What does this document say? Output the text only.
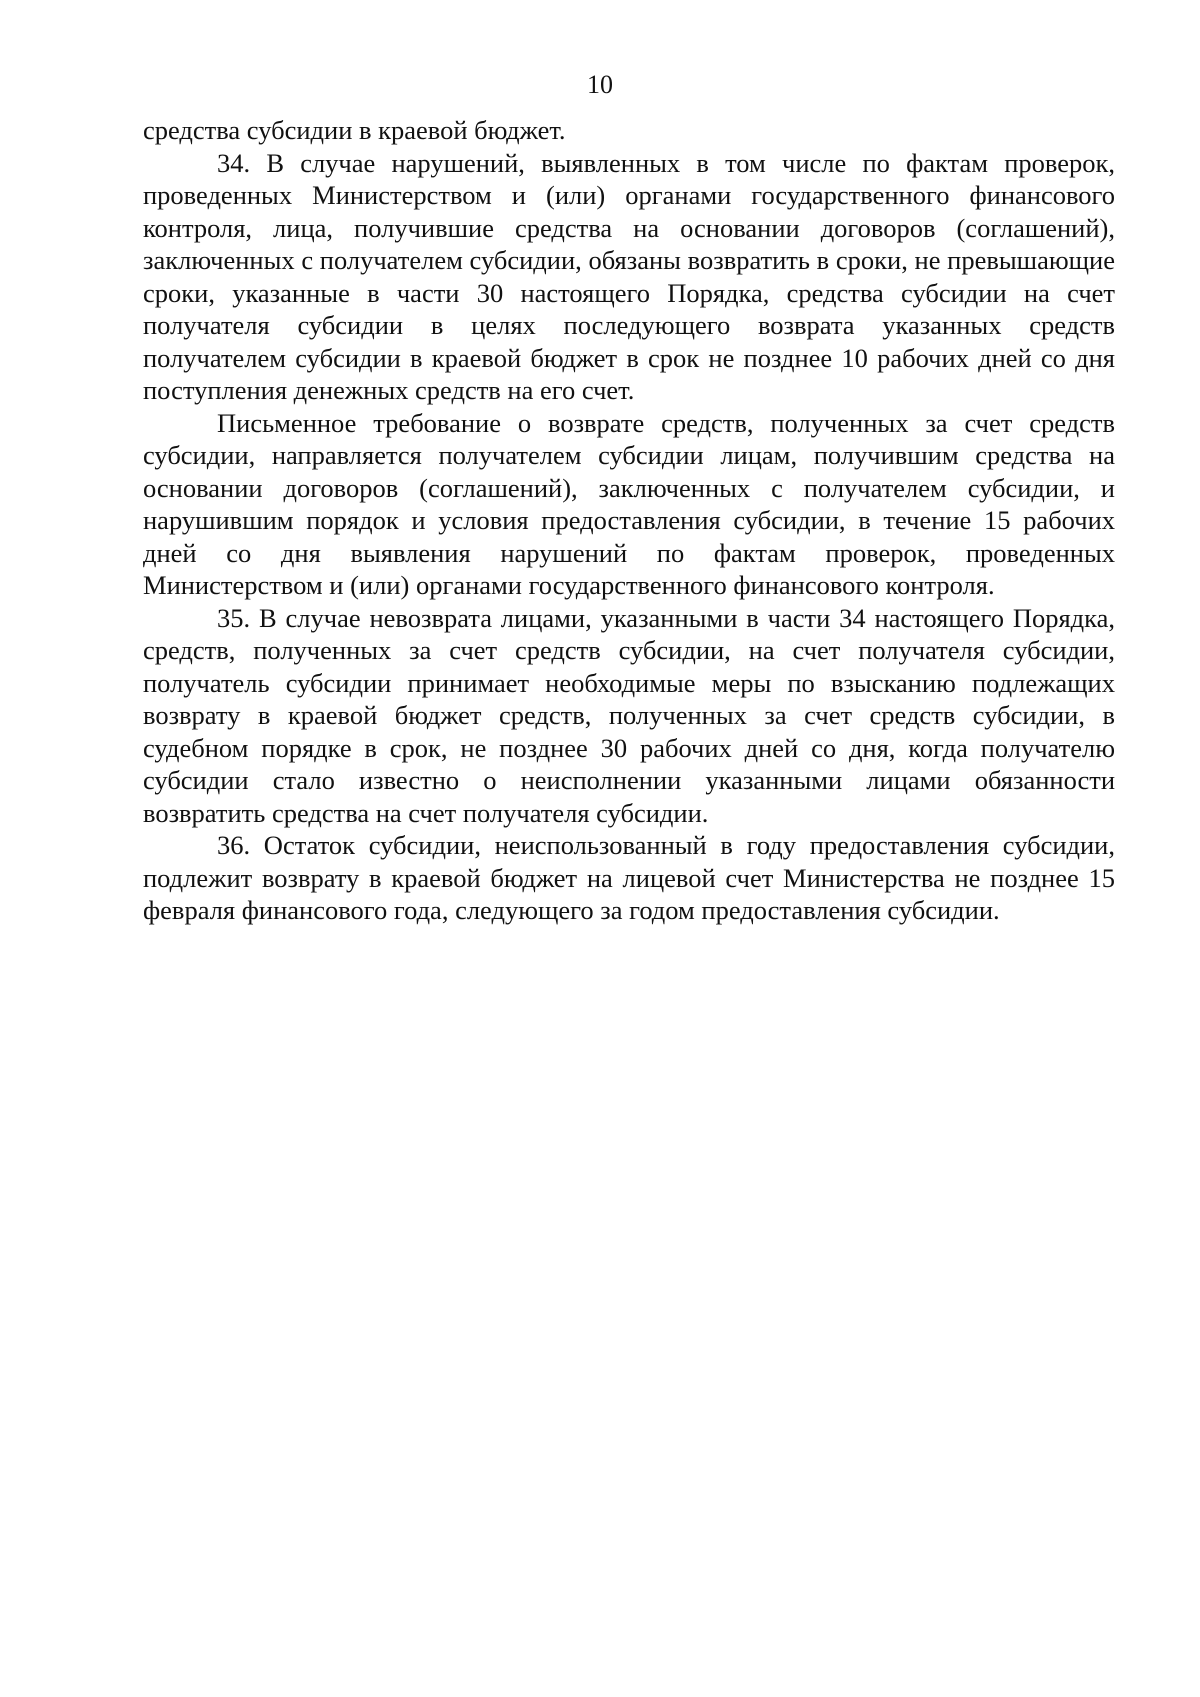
10

средства субсидии в краевой бюджет.

34. В случае нарушений, выявленных в том числе по фактам проверок, проведенных Министерством и (или) органами государственного финансового контроля, лица, получившие средства на основании договоров (соглашений), заключенных с получателем субсидии, обязаны возвратить в сроки, не превышающие сроки, указанные в части 30 настоящего Порядка, средства субсидии на счет получателя субсидии в целях последующего возврата указанных средств получателем субсидии в краевой бюджет в срок не позднее 10 рабочих дней со дня поступления денежных средств на его счет.

Письменное требование о возврате средств, полученных за счет средств субсидии, направляется получателем субсидии лицам, получившим средства на основании договоров (соглашений), заключенных с получателем субсидии, и нарушившим порядок и условия предоставления субсидии, в течение 15 рабочих дней со дня выявления нарушений по фактам проверок, проведенных Министерством и (или) органами государственного финансового контроля.

35. В случае невозврата лицами, указанными в части 34 настоящего Порядка, средств, полученных за счет средств субсидии, на счет получателя субсидии, получатель субсидии принимает необходимые меры по взысканию подлежащих возврату в краевой бюджет средств, полученных за счет средств субсидии, в судебном порядке в срок, не позднее 30 рабочих дней со дня, когда получателю субсидии стало известно о неисполнении указанными лицами обязанности возвратить средства на счет получателя субсидии.

36. Остаток субсидии, неиспользованный в году предоставления субсидии, подлежит возврату в краевой бюджет на лицевой счет Министерства не позднее 15 февраля финансового года, следующего за годом предоставления субсидии.
